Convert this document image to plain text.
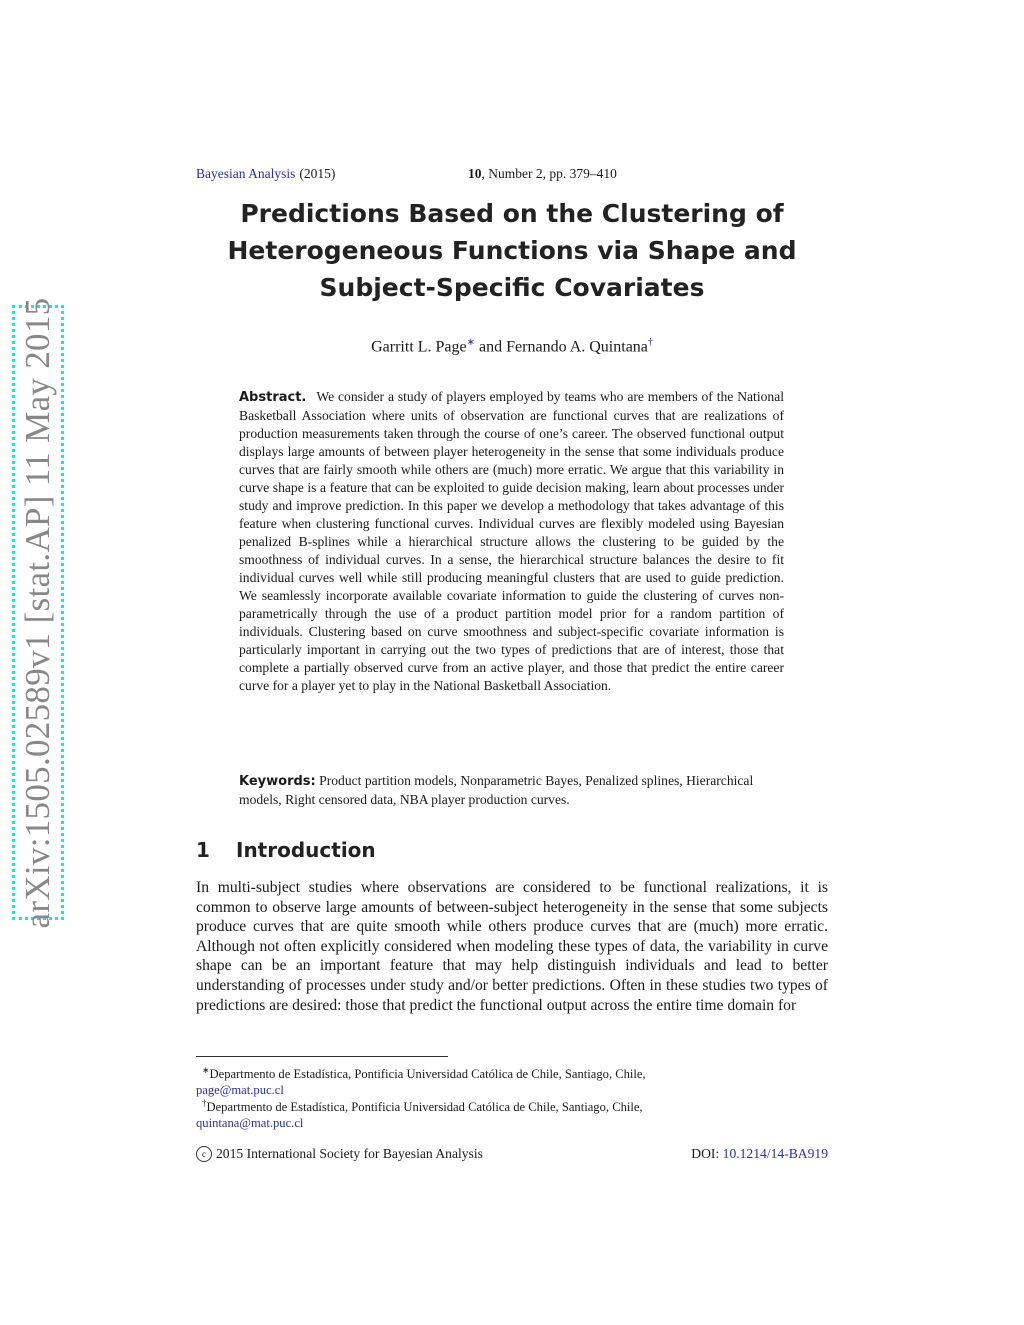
arXiv:1505.02589v1 [stat.AP] 11 May 2015
Bayesian Analysis (2015)	10, Number 2, pp. 379–410
Predictions Based on the Clustering of
Heterogeneous Functions via Shape and
Subject-Specific Covariates
Garritt L. Page∗ and Fernando A. Quintana†
Abstract. We consider a study of players employed by teams who are members of the National Basketball Association where units of observation are functional curves that are realizations of production measurements taken through the course of one’s career. The observed functional output displays large amounts of between player heterogeneity in the sense that some individuals produce curves that are fairly smooth while others are (much) more erratic. We argue that this variability in curve shape is a feature that can be exploited to guide decision making, learn about processes under study and improve prediction. In this paper we develop a methodology that takes advantage of this feature when clustering functional curves. Individual curves are flexibly modeled using Bayesian penalized B-splines while a hierarchical structure allows the clustering to be guided by the smoothness of individual curves. In a sense, the hierarchical structure balances the desire to fit individual curves well while still producing meaningful clusters that are used to guide prediction. We seamlessly incorporate available covariate information to guide the clustering of curves non-parametrically through the use of a product partition model prior for a random partition of individuals. Clustering based on curve smoothness and subject-specific covariate information is particularly important in carrying out the two types of predictions that are of interest, those that complete a partially observed curve from an active player, and those that predict the entire career curve for a player yet to play in the National Basketball Association.
Keywords: Product partition models, Nonparametric Bayes, Penalized splines, Hierarchical models, Right censored data, NBA player production curves.
1 Introduction
In multi-subject studies where observations are considered to be functional realizations, it is common to observe large amounts of between-subject heterogeneity in the sense that some subjects produce curves that are quite smooth while others produce curves that are (much) more erratic. Although not often explicitly considered when modeling these types of data, the variability in curve shape can be an important feature that may help distinguish individuals and lead to better understanding of processes under study and/or better predictions. Often in these studies two types of predictions are desired: those that predict the functional output across the entire time domain for
∗Departmento de Estadística, Pontificia Universidad Católica de Chile, Santiago, Chile,
page@mat.puc.cl
†Departmento de Estadística, Pontificia Universidad Católica de Chile, Santiago, Chile,
quintana@mat.puc.cl
c 2015 International Society for Bayesian Analysis	DOI: 10.1214/14-BA919
